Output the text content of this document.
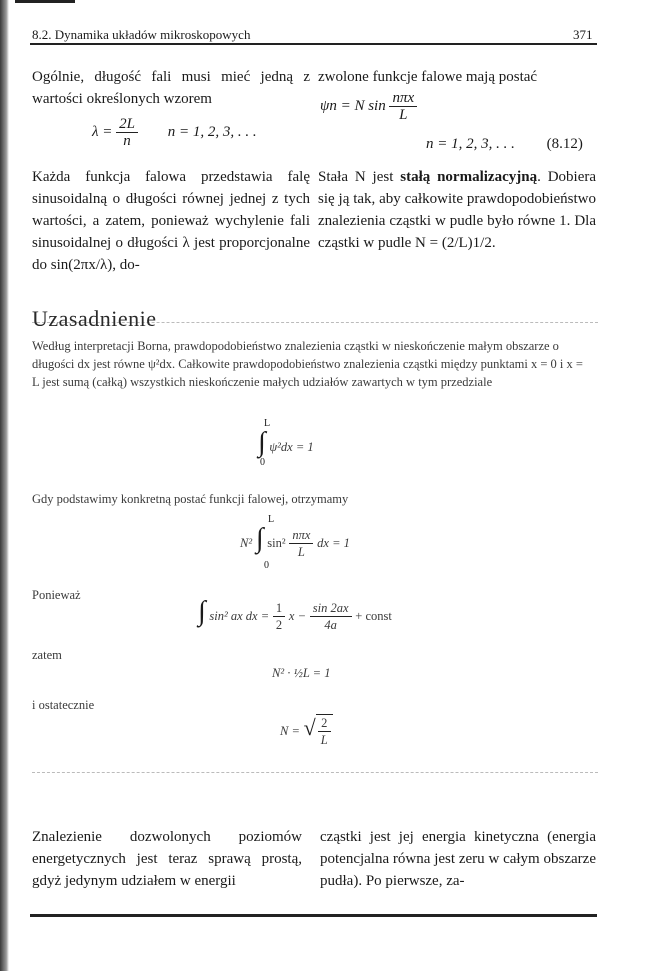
8.2. Dynamika układów mikroskopowych	371

Ogólnie, długość fali musi mieć jedną z wartości określonych wzorem

$\lambda = \frac{2L}{n}$ n = 1, 2, 3, . . .

Każda funkcja falowa przedstawia falę sinusoidalną o długości równej jednej z tych wartości, a zatem, ponieważ wychylenie fali sinusoidalnej o długości λ jest proporcjonalne do sin(2πx/λ), do-

zwolone funkcje falowe mają postać

ψn = N $\sin \frac{\text{nπx}}{L}$
n = 1, 2, 3, . . . (8.12)

Stała N jest stałą normalizacyjną. Dobiera się ją tak, aby całkowite prawdopodobieństwo znalezienia cząstki w pudle było równe 1. Dla cząstki w pudle N = (2/L)1/2.

Uzasadnienie
Według interpretacji Borna, prawdopodobieństwo znalezienia cząstki w nieskończenie małym obszarze o długości dx jest równe ψ²dx. Całkowite prawdopodobieństwo znalezienia cząstki między punktami x = 0 i x = L jest sumą (całką) wszystkich nieskończenie małych udziałów zawartych w tym przedziale
L
∫ ψ²dx = 1
0
Gdy podstawimy konkretną postać funkcji falowej, otrzymamy
L
N² ∫ $\sin^2 \frac{\text{nπx}}{L}$ dx = 1
0
Ponieważ
∫ sin² ax dx = $\frac{1}{2}$ $x - \frac{\sin 2ax}{4a}$ + const
zatem
N² · ½L = 1
i ostatecznie
N = √ $\frac{2}{L}$

Znalezienie dozwolonych poziomów energetycznych jest teraz sprawą prostą, gdyż jedynym udziałem w energii

cząstki jest jej energia kinetyczna (energia potencjalna równa jest zeru w całym obszarze pudła). Po pierwsze, za-
